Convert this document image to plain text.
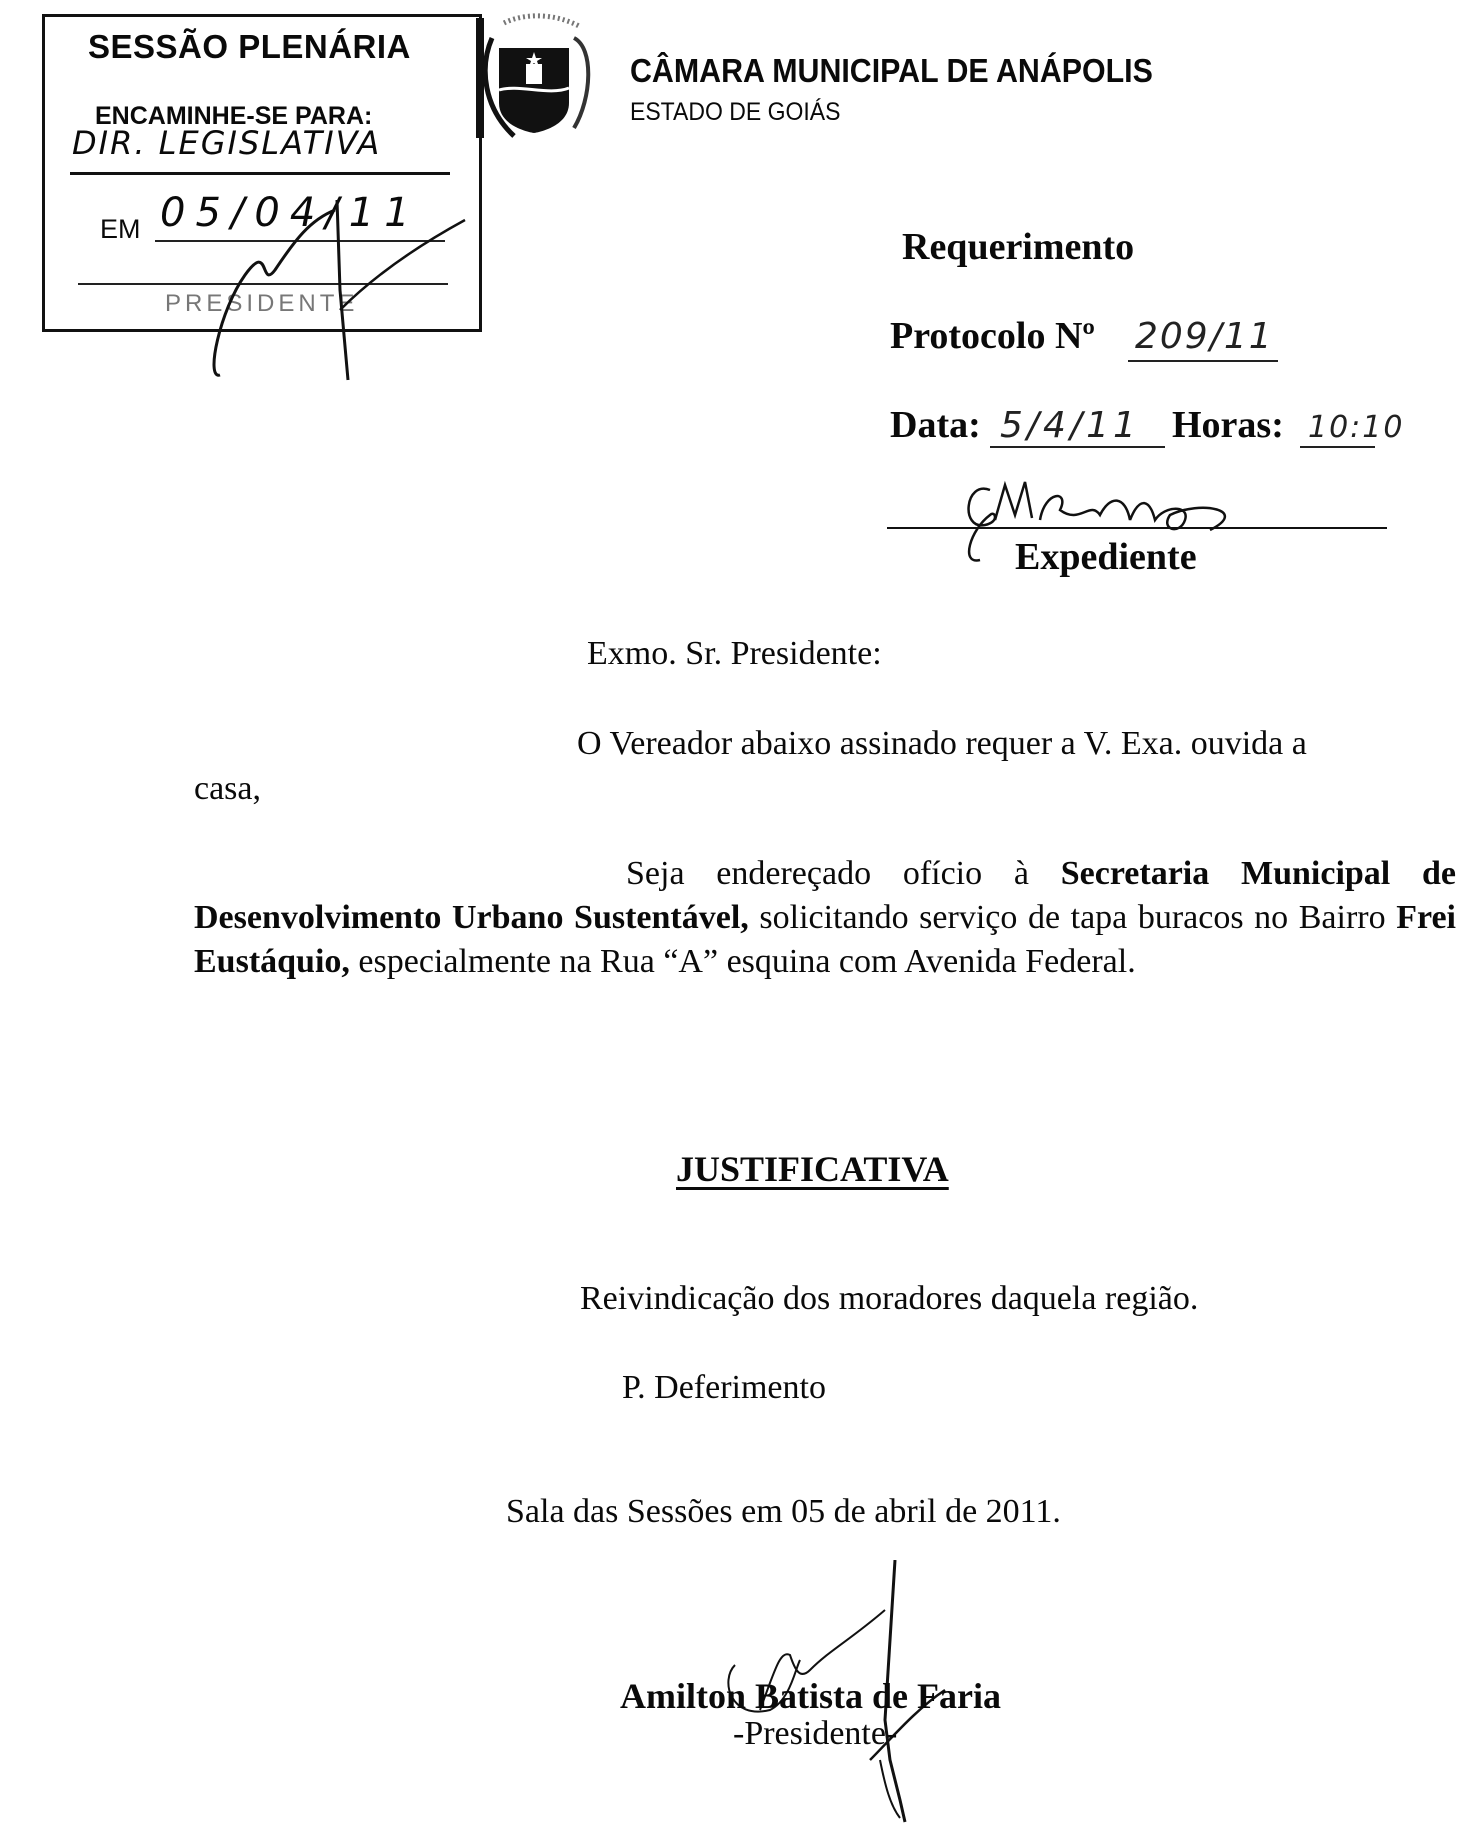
SESSÃO PLENÁRIA
ENCAMINHE-SE PARA:
DIR. LEGISLATIVA
EM 05/04/11
PRESIDENTE
CÂMARA MUNICIPAL DE ANÁPOLIS
ESTADO DE GOIÁS
Requerimento
Protocolo Nº 209/11
Data: 5/4/11 Horas: 10:10
Expediente
Exmo. Sr. Presidente:
O Vereador abaixo assinado requer a V. Exa. ouvida a
casa,
Seja endereçado ofício à Secretaria Municipal de Desenvolvimento Urbano Sustentável, solicitando serviço de tapa buracos no Bairro Frei Eustáquio, especialmente na Rua “A” esquina com Avenida Federal.
JUSTIFICATIVA
Reivindicação dos moradores daquela região.
P. Deferimento
Sala das Sessões em 05 de abril de 2011.
Amilton Batista de Faria
-Presidente-
